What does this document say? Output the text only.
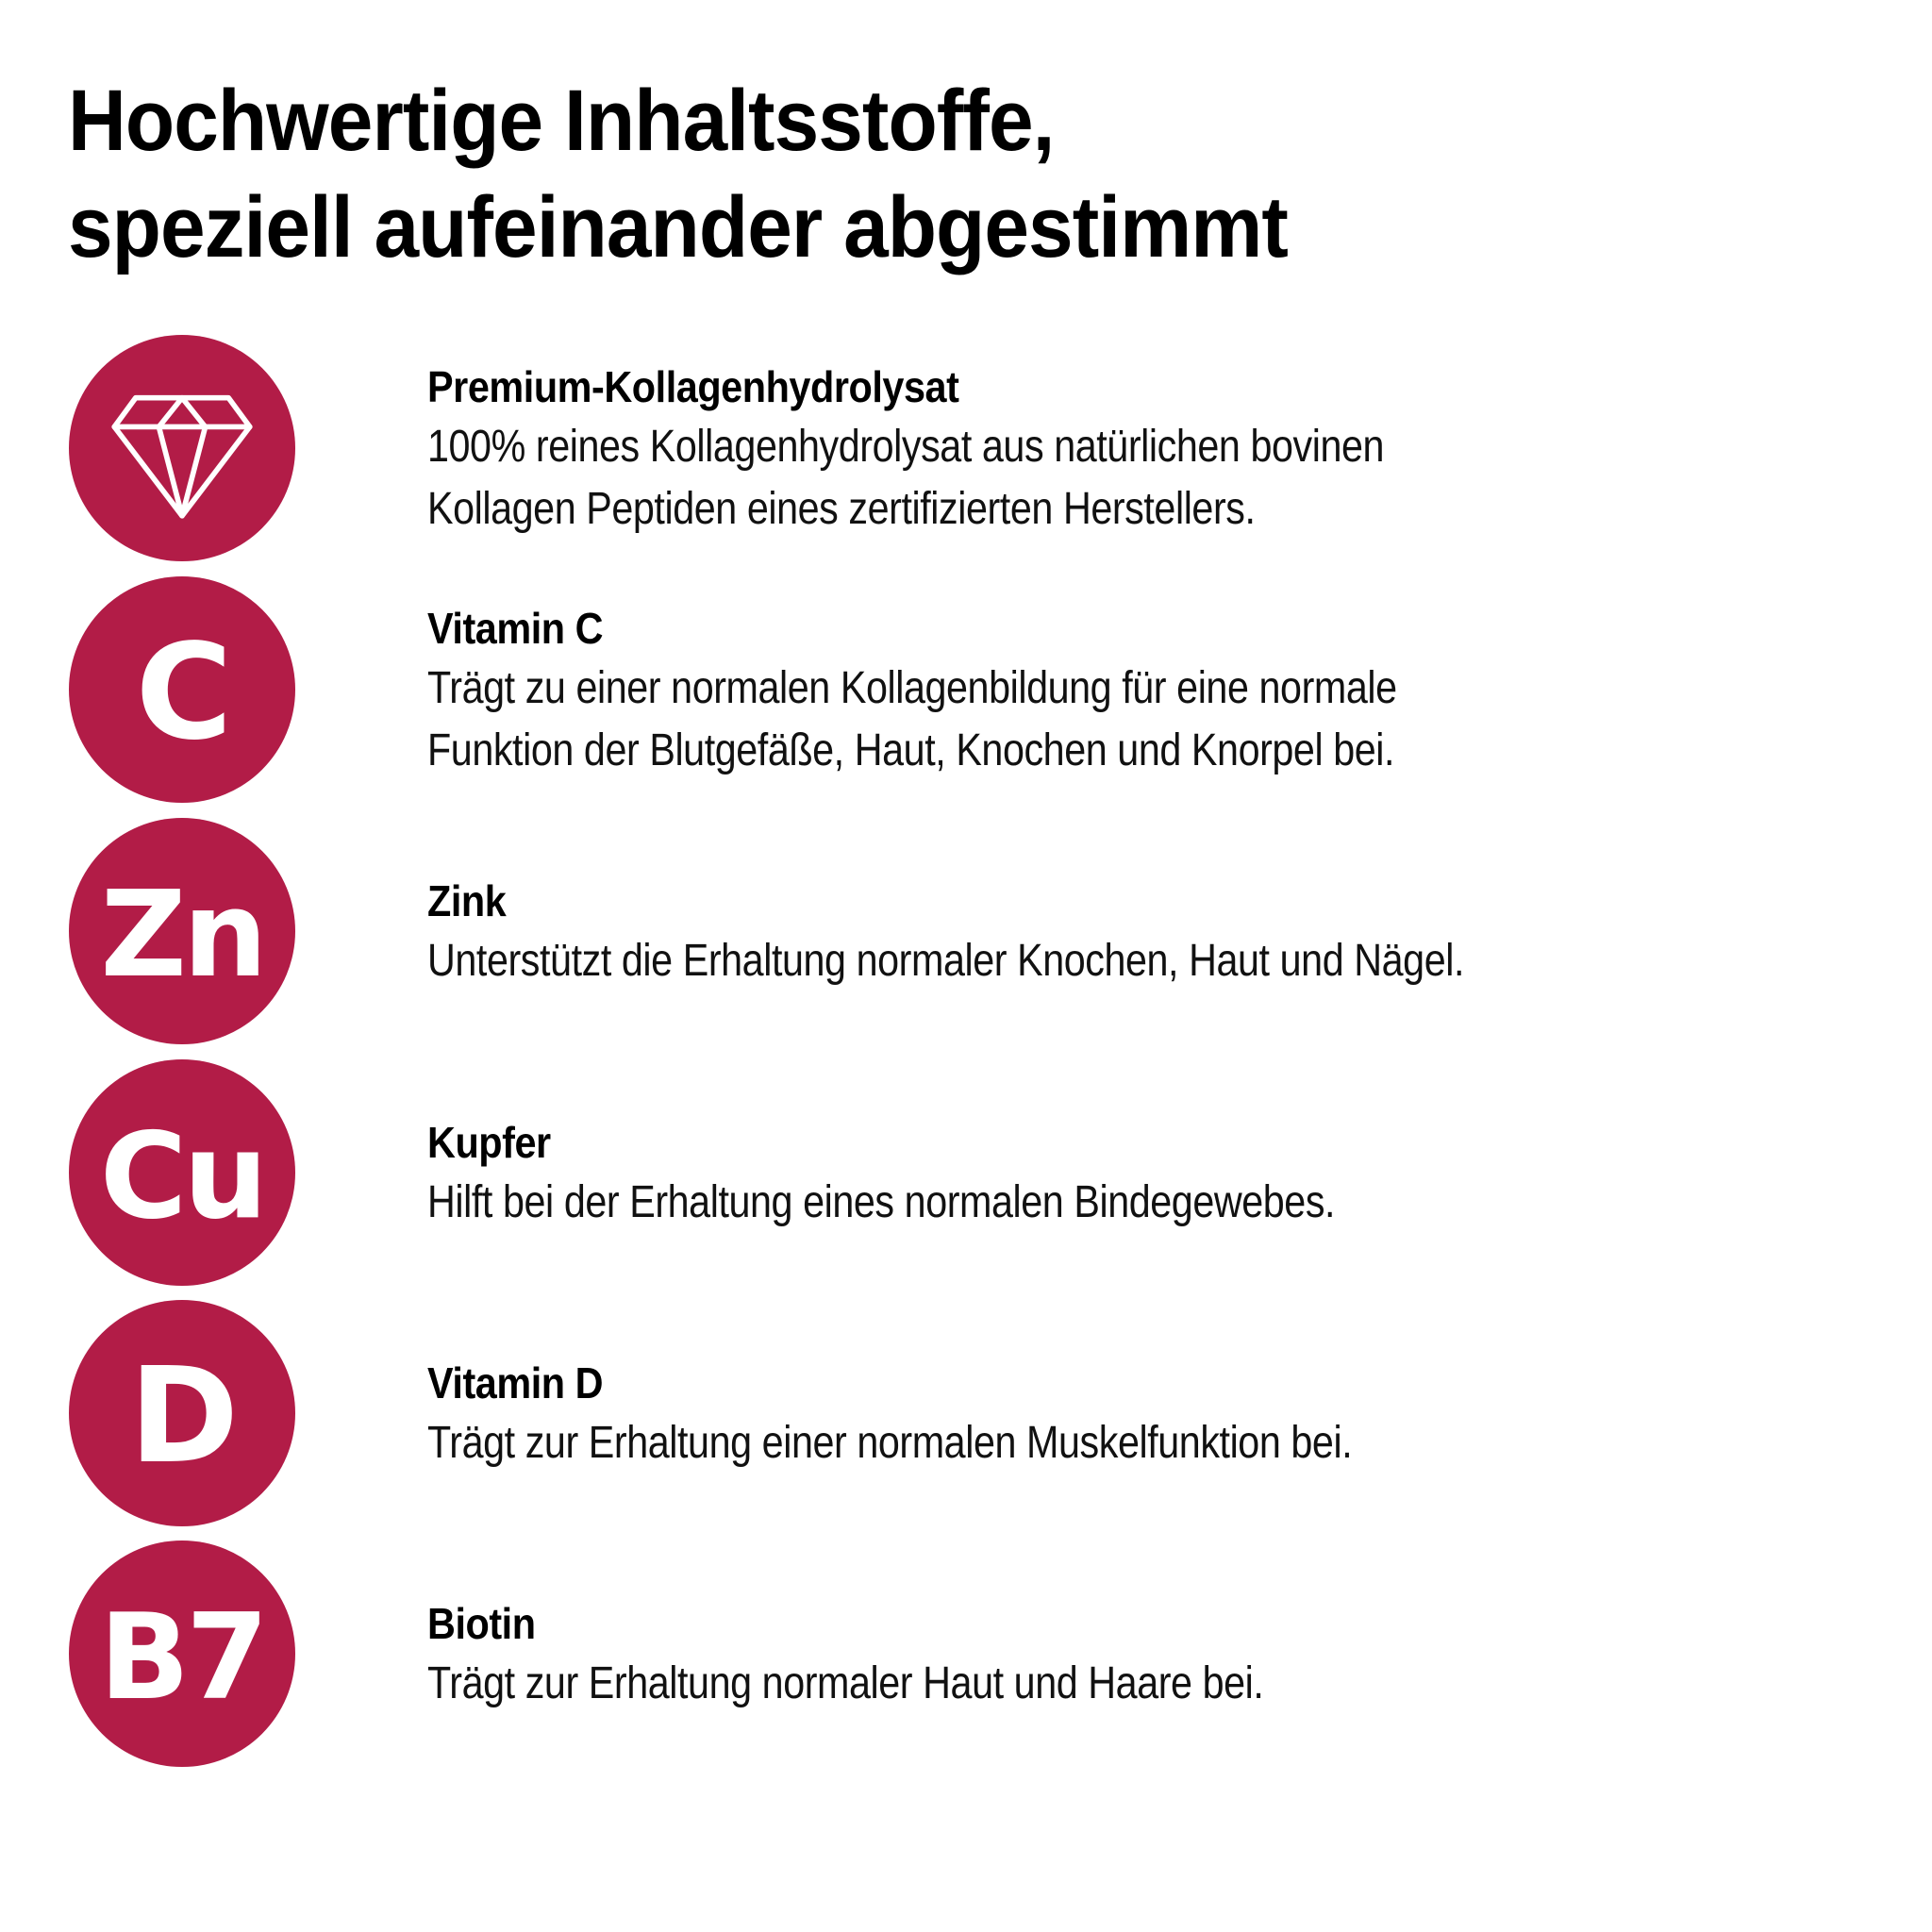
Hochwertige Inhaltsstoffe,
speziell aufeinander abgestimmt
Premium-Kollagenhydrolysat
100% reines Kollagenhydrolysat aus natürlichen bovinen
Kollagen Peptiden eines zertifizierten Herstellers.
C	Vitamin C
Trägt zu einer normalen Kollagenbildung für eine normale
Funktion der Blutgefäße, Haut, Knochen und Knorpel bei.
Zn	Zink
Unterstützt die Erhaltung normaler Knochen, Haut und Nägel.
Cu	Kupfer
Hilft bei der Erhaltung eines normalen Bindegewebes.
D	Vitamin D
Trägt zur Erhaltung einer normalen Muskelfunktion bei.
B7	Biotin
Trägt zur Erhaltung normaler Haut und Haare bei.
